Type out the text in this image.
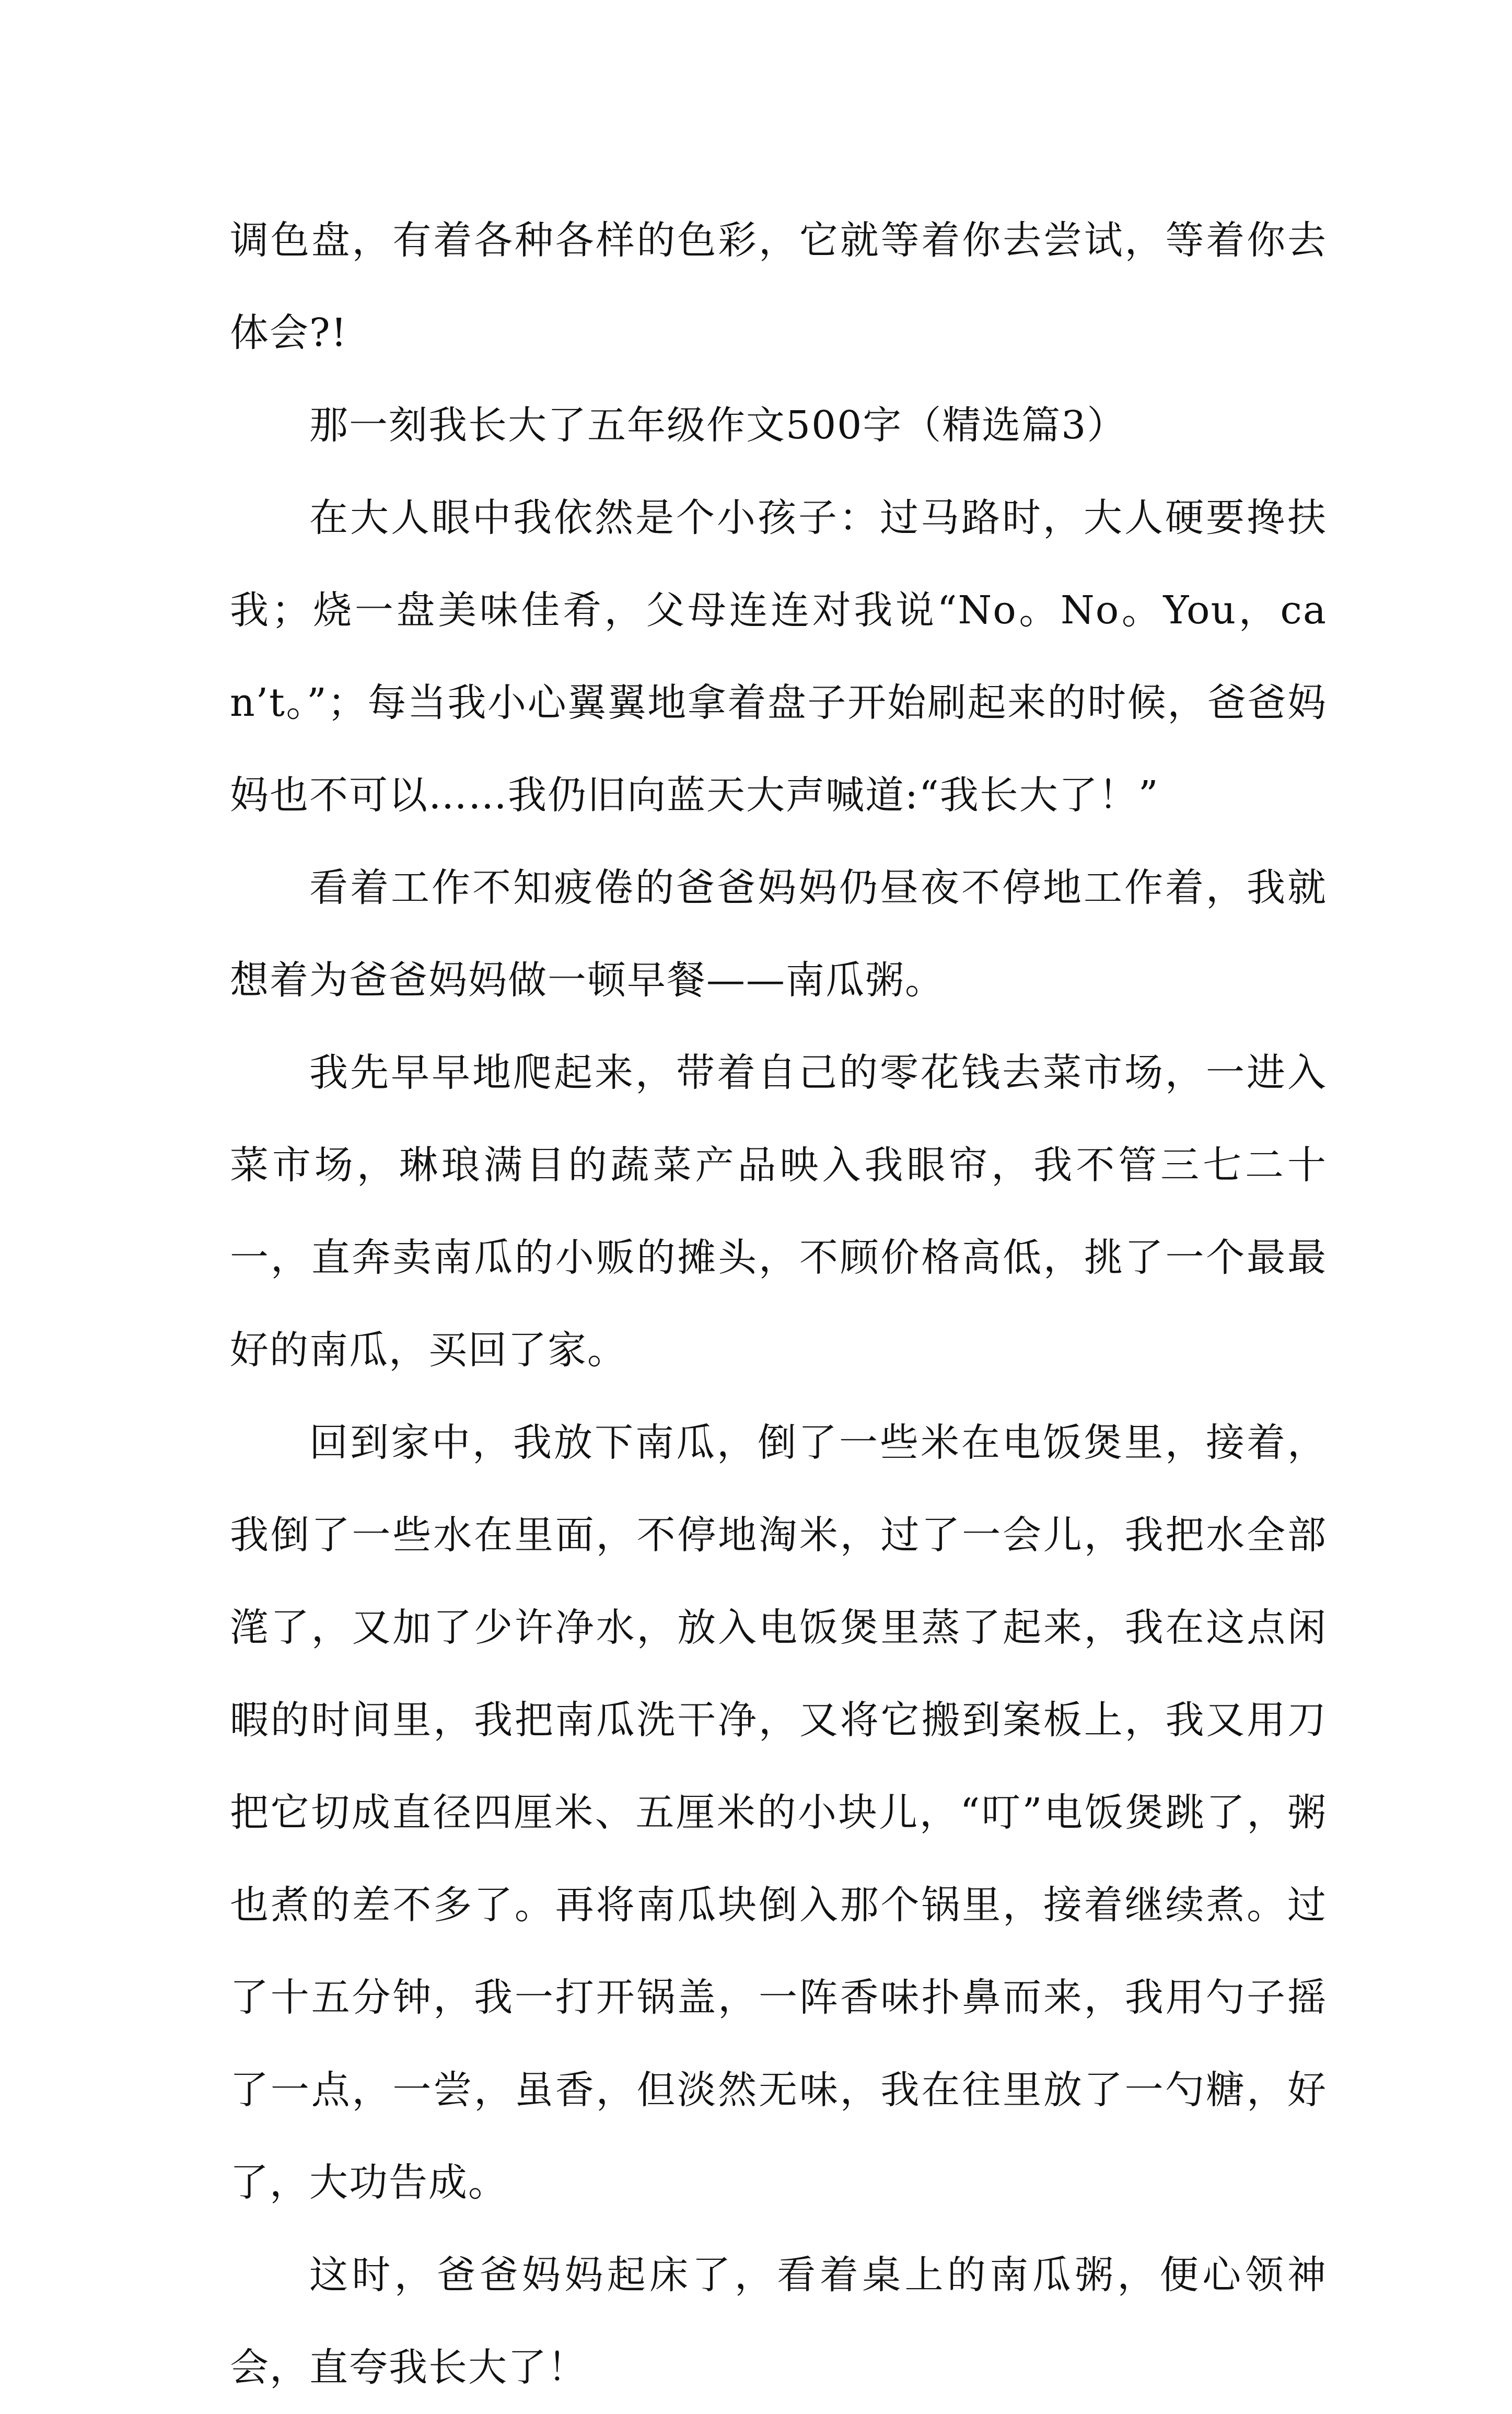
调色盘，有着各种各样的色彩，它就等着你去尝试，等着你去体会?!

那一刻我长大了五年级作文500字（精选篇3）

在大人眼中我依然是个小孩子：过马路时，大人硬要搀扶我；烧一盘美味佳肴，父母连连对我说“No。No。You，can’t。”；每当我小心翼翼地拿着盘子开始刷起来的时候，爸爸妈妈也不可以……我仍旧向蓝天大声喊道:“我长大了！”

看着工作不知疲倦的爸爸妈妈仍昼夜不停地工作着，我就想着为爸爸妈妈做一顿早餐——南瓜粥。

我先早早地爬起来，带着自己的零花钱去菜市场，一进入菜市场，琳琅满目的蔬菜产品映入我眼帘，我不管三七二十一，直奔卖南瓜的小贩的摊头，不顾价格高低，挑了一个最最好的南瓜，买回了家。

回到家中，我放下南瓜，倒了一些米在电饭煲里，接着，我倒了一些水在里面，不停地淘米，过了一会儿，我把水全部滗了，又加了少许净水，放入电饭煲里蒸了起来，我在这点闲暇的时间里，我把南瓜洗干净，又将它搬到案板上，我又用刀把它切成直径四厘米、五厘米的小块儿，“叮”电饭煲跳了，粥也煮的差不多了。再将南瓜块倒入那个锅里，接着继续煮。过了十五分钟，我一打开锅盖，一阵香味扑鼻而来，我用勺子摇了一点，一尝，虽香，但淡然无味，我在往里放了一勺糖，好了，大功告成。

这时，爸爸妈妈起床了，看着桌上的南瓜粥，便心领神会，直夸我长大了！
